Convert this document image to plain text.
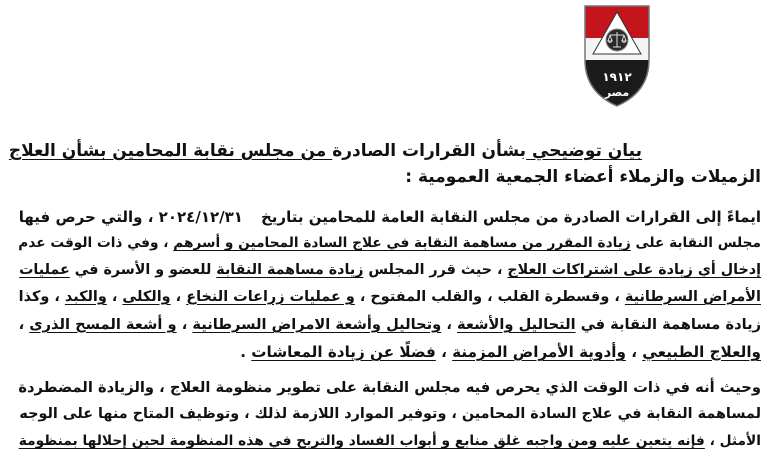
١٩١٢
مصر
بيان توضيحي بشأن القرارات الصادرة من مجلس نقابة المحامين بشأن العلاج
الزميلات والزملاء أعضاء الجمعية العمومية :
ايماءً إلى القرارات الصادرة من مجلس النقابة العامة للمحامين بتاريخ٢٠٢٤/١٢/٣١ ، والتي حرص فيها
مجلس النقابة على زيادة المقرر من مساهمة النقابة في علاج السادة المحامين و أسرهم ، وفي ذات الوقت عدم
إدخال أي زيادة على اشتراكات العلاج ، حيث قرر المجلس زيادة مساهمة النقابة للعضو و الأسرة في عمليات
الأمراض السرطانية ، وقسطرة القلب ، والقلب المفتوح ، و عمليات زراعات النخاع ، والكلى ، والكبد ، وكذا
زيادة مساهمة النقابة في التحاليل والأشعة ، وتحاليل وأشعة الامراض السرطانية ، و أشعة المسح الذرى ،
والعلاج الطبيعي ، وأدوية الأمراض المزمنة ، فضلًا عن زيادة المعاشات .
وحيث أنه في ذات الوقت الذي يحرص فيه مجلس النقابة على تطوير منظومة العلاج ، والزيادة المضطردة
لمساهمة النقابة في علاج السادة المحامين ، وتوفير الموارد اللازمة لذلك ، وتوظيف المتاح منها على الوجه
الأمثل ، فإنه يتعين عليه ومن واجبه غلق منابع و أبواب الفساد والتربح في هذه المنظومة لحين إحلالها بمنظومة
